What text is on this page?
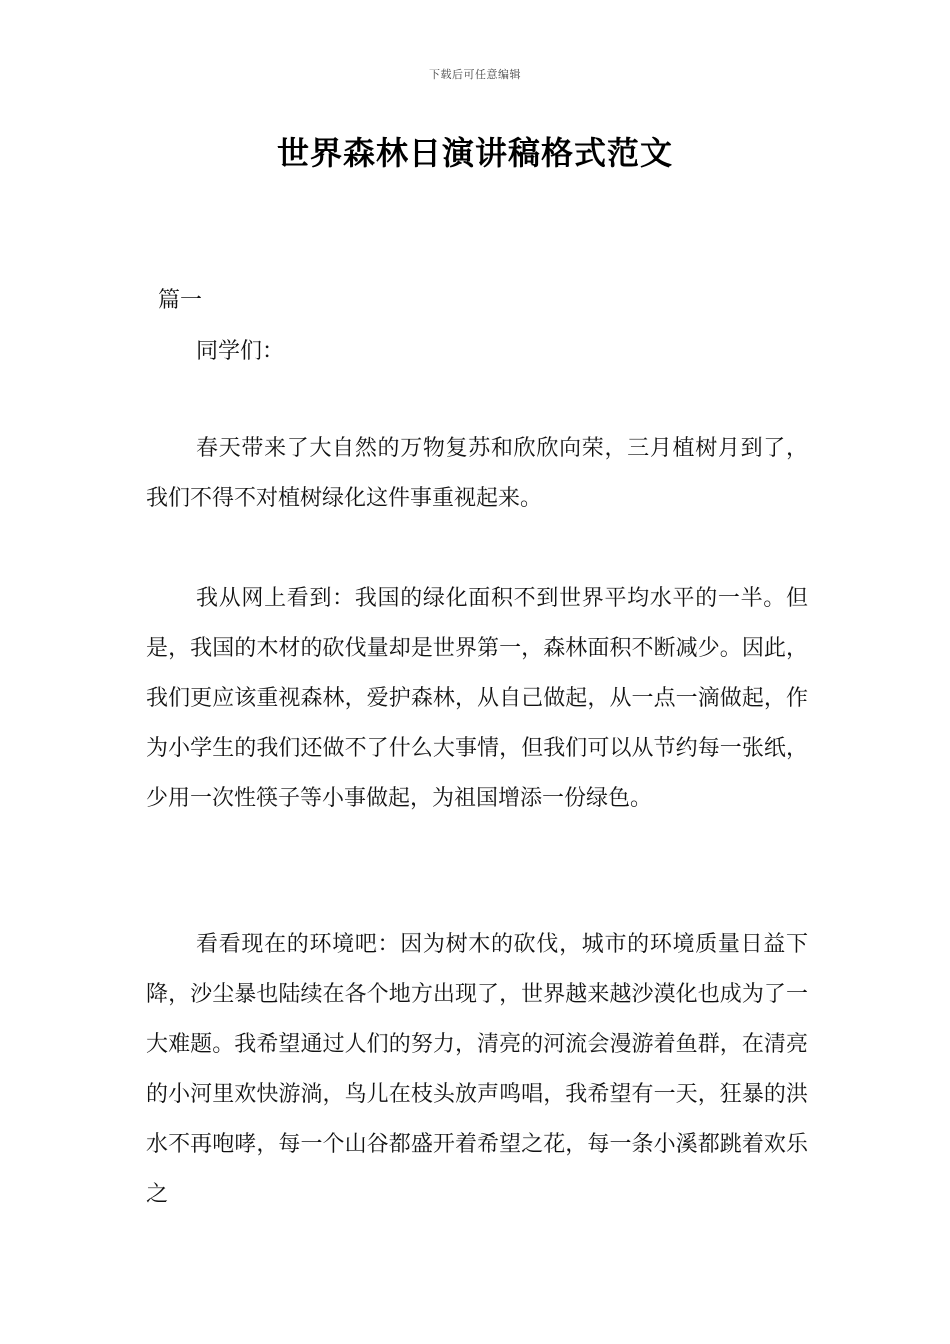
下载后可任意编辑
世界森林日演讲稿格式范文
篇一
同学们：

春天带来了大自然的万物复苏和欣欣向荣，三月植树月到了，我们不得不对植树绿化这件事重视起来。

我从网上看到：我国的绿化面积不到世界平均水平的一半。但是，我国的木材的砍伐量却是世界第一，森林面积不断减少。因此，我们更应该重视森林，爱护森林，从自己做起，从一点一滴做起，作为小学生的我们还做不了什么大事情，但我们可以从节约每一张纸，少用一次性筷子等小事做起，为祖国增添一份绿色。

看看现在的环境吧：因为树木的砍伐，城市的环境质量日益下降，沙尘暴也陆续在各个地方出现了，世界越来越沙漠化也成为了一大难题。我希望通过人们的努力，清亮的河流会漫游着鱼群，在清亮的小河里欢快游淌，鸟儿在枝头放声鸣唱，我希望有一天，狂暴的洪水不再咆哮，每一个山谷都盛开着希望之花，每一条小溪都跳着欢乐之
